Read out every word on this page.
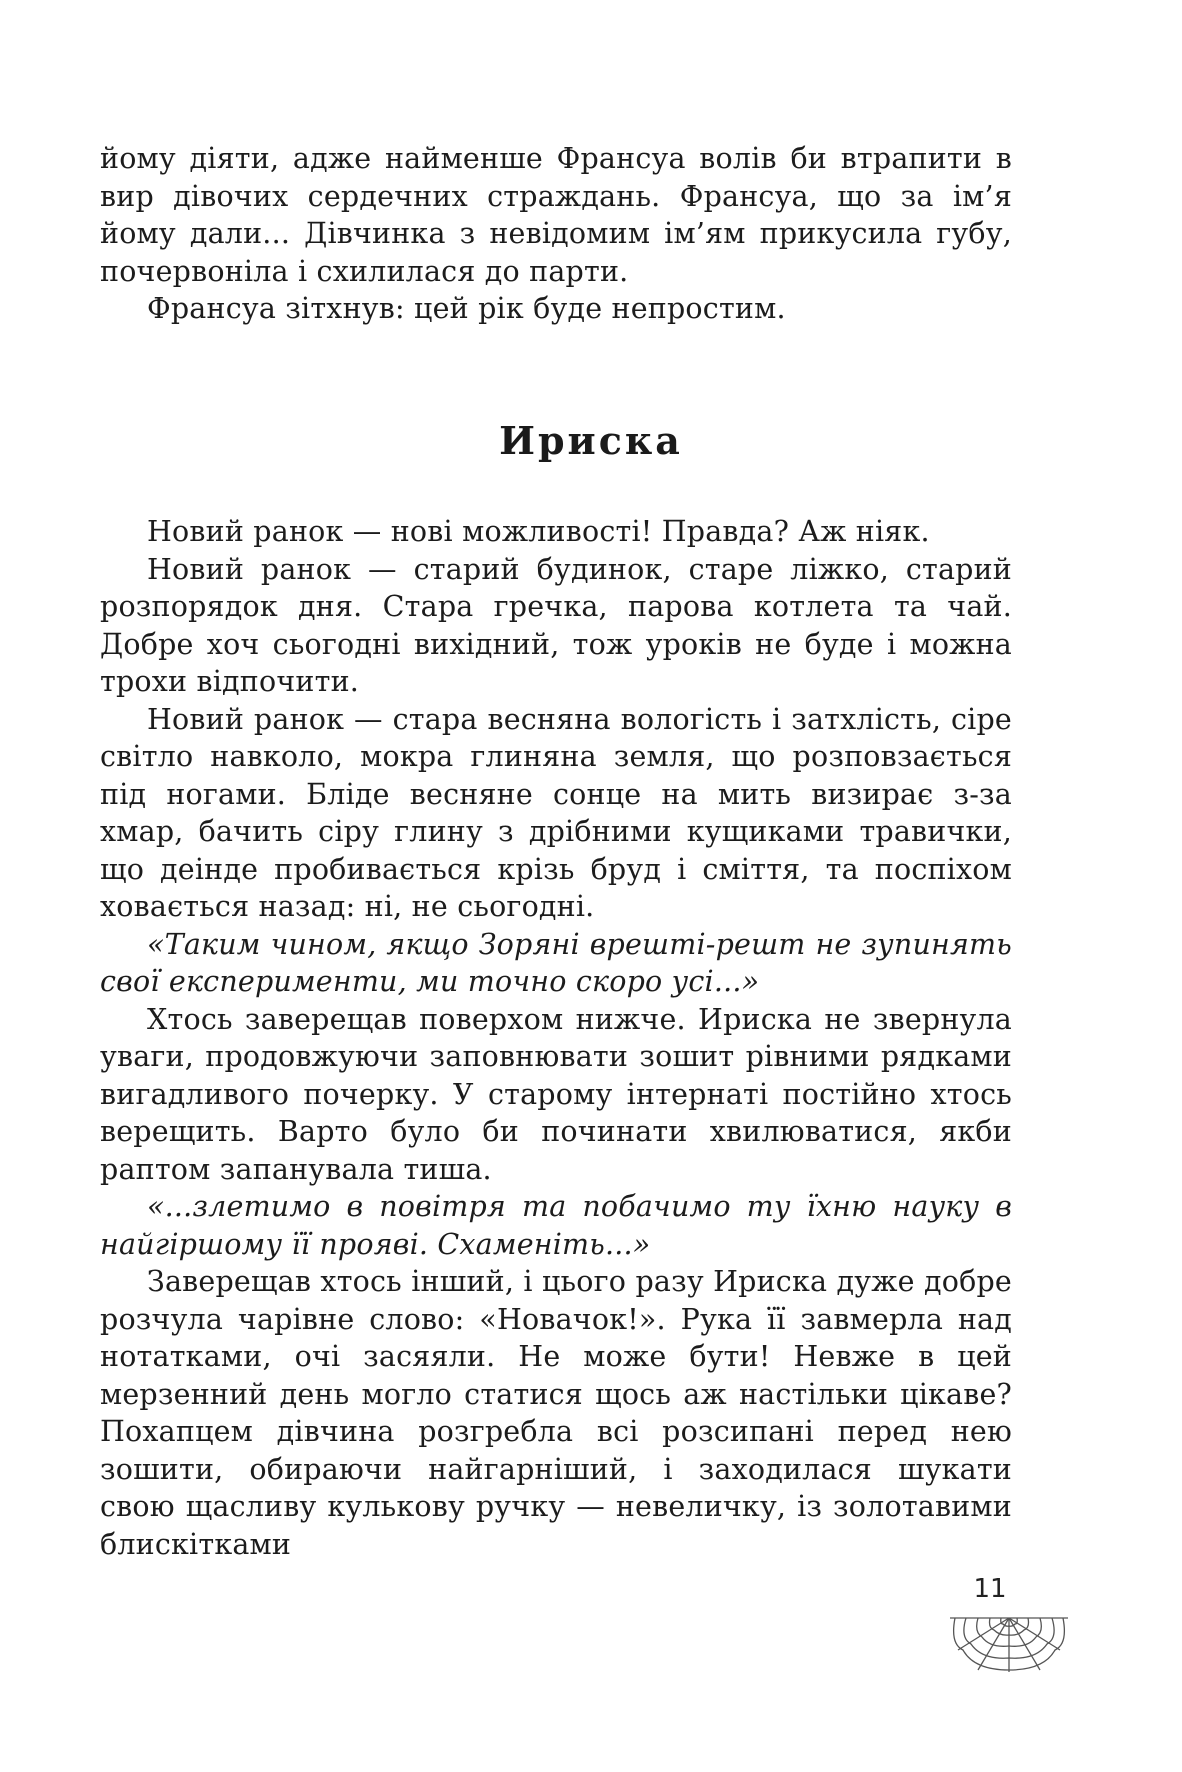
йому діяти, адже найменше Франсуа волів би втрапити в вир дівочих сердечних страждань. Франсуа, що за ім’я йому дали... Дівчинка з невідомим ім’ям прикусила губу, почервоніла і схилилася до парти.

Франсуа зітхнув: цей рік буде непростим.

Ириска

Новий ранок — нові можливості! Правда? Аж ніяк.

Новий ранок — старий будинок, старе ліжко, старий розпорядок дня. Стара гречка, парова котлета та чай. Добре хоч сьогодні вихідний, тож уроків не буде і можна трохи відпочити.

Новий ранок — стара весняна вологість і затхлість, сіре світло навколо, мокра глиняна земля, що розповзається під ногами. Бліде весняне сонце на мить визирає з-за хмар, бачить сіру глину з дрібними кущиками травички, що деінде пробивається крізь бруд і сміття, та поспіхом ховається назад: ні, не сьогодні.

«Таким чином, якщо Зоряні врешті-решт не зупинять свої експерименти, ми точно скоро усі...»

Хтось заверещав поверхом нижче. Ириска не звернула уваги, продовжуючи заповнювати зошит рівними рядками вигадливого почерку. У старому інтернаті постійно хтось верещить. Варто було би починати хвилюватися, якби раптом запанувала тиша.

«...злетимо в повітря та побачимо ту їхню науку в найгіршому її прояві. Схаменіть...»

Заверещав хтось інший, і цього разу Ириска дуже добре розчула чарівне слово: «Новачок!». Рука її завмерла над нотатками, очі засяяли. Не може бути! Невже в цей мерзенний день могло статися щось аж настільки цікаве? Похапцем дівчина розгребла всі розсипані перед нею зошити, обираючи найгарніший, і заходилася шукати свою щасливу кулькову ручку — невеличку, із золотавими блискітками

11
